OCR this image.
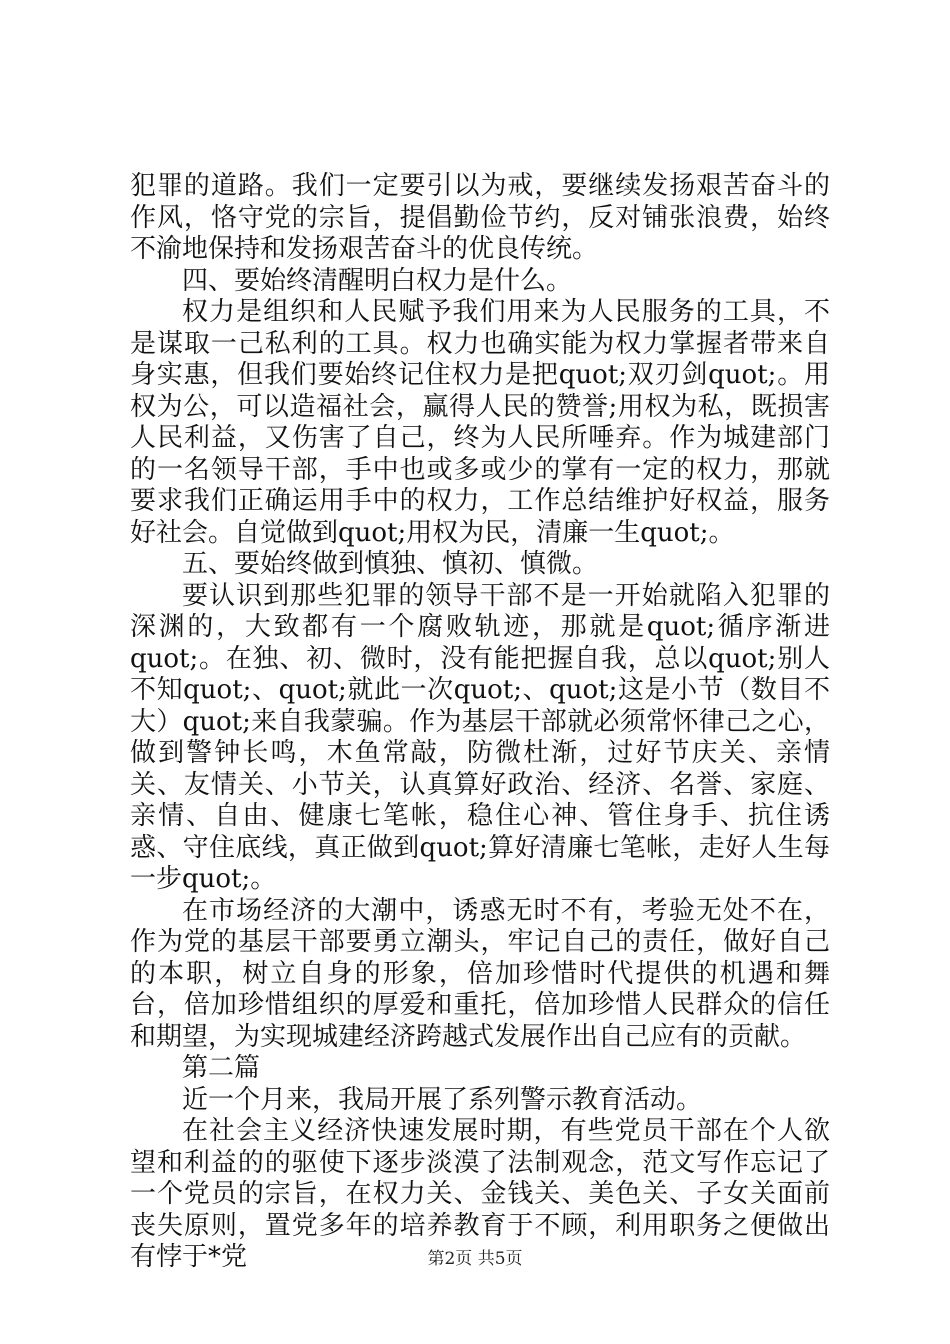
犯罪的道路。我们一定要引以为戒，要继续发扬艰苦奋斗的作风，恪守党的宗旨，提倡勤俭节约，反对铺张浪费，始终不渝地保持和发扬艰苦奋斗的优良传统。

四、要始终清醒明白权力是什么。

权力是组织和人民赋予我们用来为人民服务的工具，不是谋取一己私利的工具。权力也确实能为权力掌握者带来自身实惠，但我们要始终记住权力是把quot;双刃剑quot;。用权为公，可以造福社会，赢得人民的赞誉;用权为私，既损害人民利益，又伤害了自己，终为人民所唾弃。作为城建部门的一名领导干部，手中也或多或少的掌有一定的权力，那就要求我们正确运用手中的权力，工作总结维护好权益，服务好社会。自觉做到quot;用权为民，清廉一生quot;。

五、要始终做到慎独、慎初、慎微。

要认识到那些犯罪的领导干部不是一开始就陷入犯罪的深渊的，大致都有一个腐败轨迹，那就是quot;循序渐进quot;。在独、初、微时，没有能把握自我，总以quot;别人不知quot;、quot;就此一次quot;、quot;这是小节（数目不大）quot;来自我蒙骗。作为基层干部就必须常怀律己之心，做到警钟长鸣，木鱼常敲，防微杜渐，过好节庆关、亲情关、友情关、小节关，认真算好政治、经济、名誉、家庭、亲情、自由、健康七笔帐，稳住心神、管住身手、抗住诱惑、守住底线，真正做到quot;算好清廉七笔帐，走好人生每一步quot;。

在市场经济的大潮中，诱惑无时不有，考验无处不在，作为党的基层干部要勇立潮头，牢记自己的责任，做好自己的本职，树立自身的形象，倍加珍惜时代提供的机遇和舞台，倍加珍惜组织的厚爱和重托，倍加珍惜人民群众的信任和期望，为实现城建经济跨越式发展作出自己应有的贡献。

第二篇

近一个月来，我局开展了系列警示教育活动。

在社会主义经济快速发展时期，有些党员干部在个人欲望和利益的的驱使下逐步淡漠了法制观念，范文写作忘记了一个党员的宗旨，在权力关、金钱关、美色关、子女关面前丧失原则，置党多年的培养教育于不顾，利用职务之便做出有悖于*党	第2页 共5页
